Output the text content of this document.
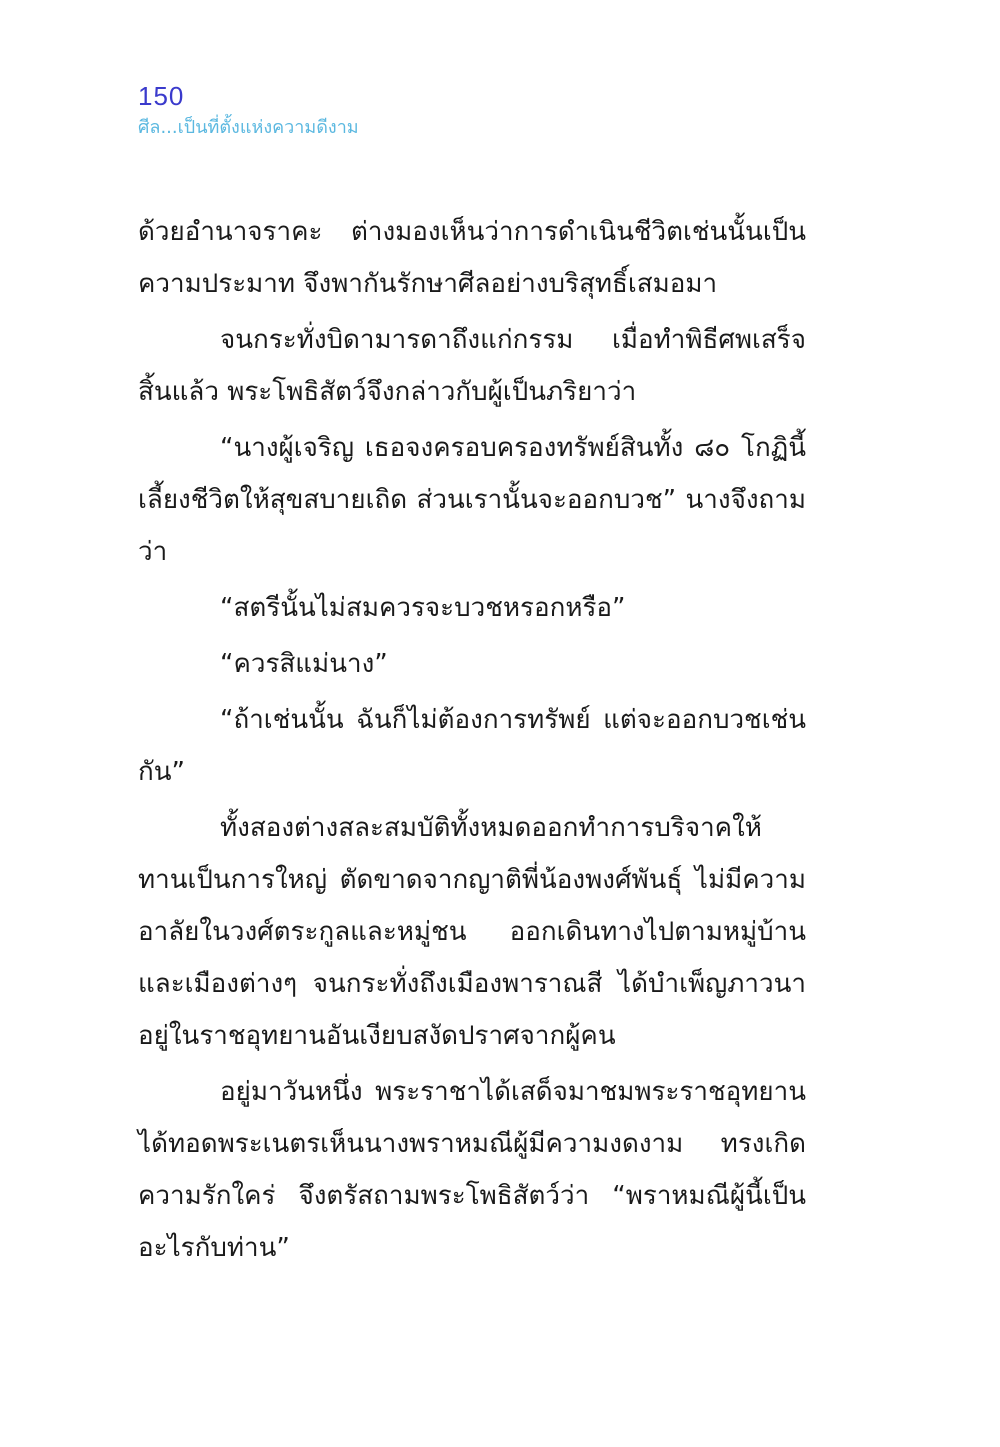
150
ศีล...เป็นที่ตั้งแห่งความดีงาม

ด้วยอำนาจราคะ ต่างมองเห็นว่าการดำเนินชีวิตเช่นนั้นเป็นความประมาท จึงพากันรักษาศีลอย่างบริสุทธิ์เสมอมา

จนกระทั่งบิดามารดาถึงแก่กรรม เมื่อทำพิธีศพเสร็จสิ้นแล้ว พระโพธิสัตว์จึงกล่าวกับผู้เป็นภริยาว่า

“นางผู้เจริญ เธอจงครอบครองทรัพย์สินทั้ง ๘๐ โกฏินี้เลี้ยงชีวิตให้สุขสบายเถิด ส่วนเรานั้นจะออกบวช” นางจึงถามว่า

“สตรีนั้นไม่สมควรจะบวชหรอกหรือ”

“ควรสิแม่นาง”

“ถ้าเช่นนั้น ฉันก็ไม่ต้องการทรัพย์ แต่จะออกบวชเช่นกัน”

ทั้งสองต่างสละสมบัติทั้งหมดออกทำการบริจาคให้ทานเป็นการใหญ่ ตัดขาดจากญาติพี่น้องพงศ์พันธุ์ ไม่มีความอาลัยในวงศ์ตระกูลและหมู่ชน ออกเดินทางไปตามหมู่บ้านและเมืองต่างๆ จนกระทั่งถึงเมืองพาราณสี ได้บำเพ็ญภาวนาอยู่ในราชอุทยานอันเงียบสงัดปราศจากผู้คน

อยู่มาวันหนึ่ง พระราชาได้เสด็จมาชมพระราชอุทยานได้ทอดพระเนตรเห็นนางพราหมณีผู้มีความงดงาม ทรงเกิดความรักใคร่ จึงตรัสถามพระโพธิสัตว์ว่า “พราหมณีผู้นี้เป็นอะไรกับท่าน”
